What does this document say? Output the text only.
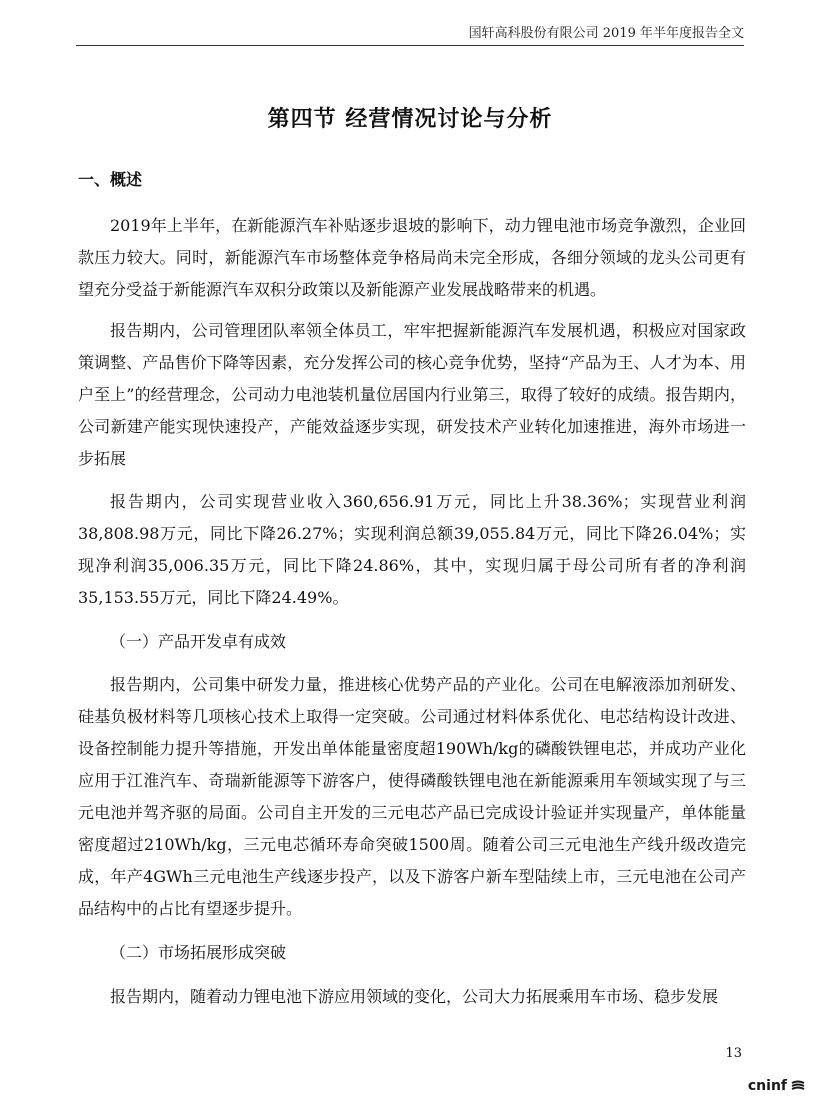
国轩高科股份有限公司 2019 年半年度报告全文
第四节 经营情况讨论与分析
一、概述

2019年上半年，在新能源汽车补贴逐步退坡的影响下，动力锂电池市场竞争激烈，企业回款压力较大。同时，新能源汽车市场整体竞争格局尚未完全形成，各细分领域的龙头公司更有望充分受益于新能源汽车双积分政策以及新能源产业发展战略带来的机遇。

报告期内，公司管理团队率领全体员工，牢牢把握新能源汽车发展机遇，积极应对国家政策调整、产品售价下降等因素，充分发挥公司的核心竞争优势，坚持“产品为王、人才为本、用户至上”的经营理念，公司动力电池装机量位居国内行业第三，取得了较好的成绩。报告期内，公司新建产能实现快速投产，产能效益逐步实现，研发技术产业转化加速推进，海外市场进一步拓展

报告期内，公司实现营业收入360,656.91万元，同比上升38.36%；实现营业利润38,808.98万元，同比下降26.27%；实现利润总额39,055.84万元，同比下降26.04%；实现净利润35,006.35万元，同比下降24.86%，其中，实现归属于母公司所有者的净利润35,153.55万元，同比下降24.49%。

（一）产品开发卓有成效

报告期内，公司集中研发力量，推进核心优势产品的产业化。公司在电解液添加剂研发、硅基负极材料等几项核心技术上取得一定突破。公司通过材料体系优化、电芯结构设计改进、设备控制能力提升等措施，开发出单体能量密度超190Wh/kg的磷酸铁锂电芯，并成功产业化应用于江淮汽车、奇瑞新能源等下游客户，使得磷酸铁锂电池在新能源乘用车领域实现了与三元电池并驾齐驱的局面。公司自主开发的三元电芯产品已完成设计验证并实现量产，单体能量密度超过210Wh/kg，三元电芯循环寿命突破1500周。随着公司三元电池生产线升级改造完成，年产4GWh三元电池生产线逐步投产，以及下游客户新车型陆续上市，三元电池在公司产品结构中的占比有望逐步提升。

（二）市场拓展形成突破

报告期内，随着动力锂电池下游应用领域的变化，公司大力拓展乘用车市场、稳步发展

13
cninf
